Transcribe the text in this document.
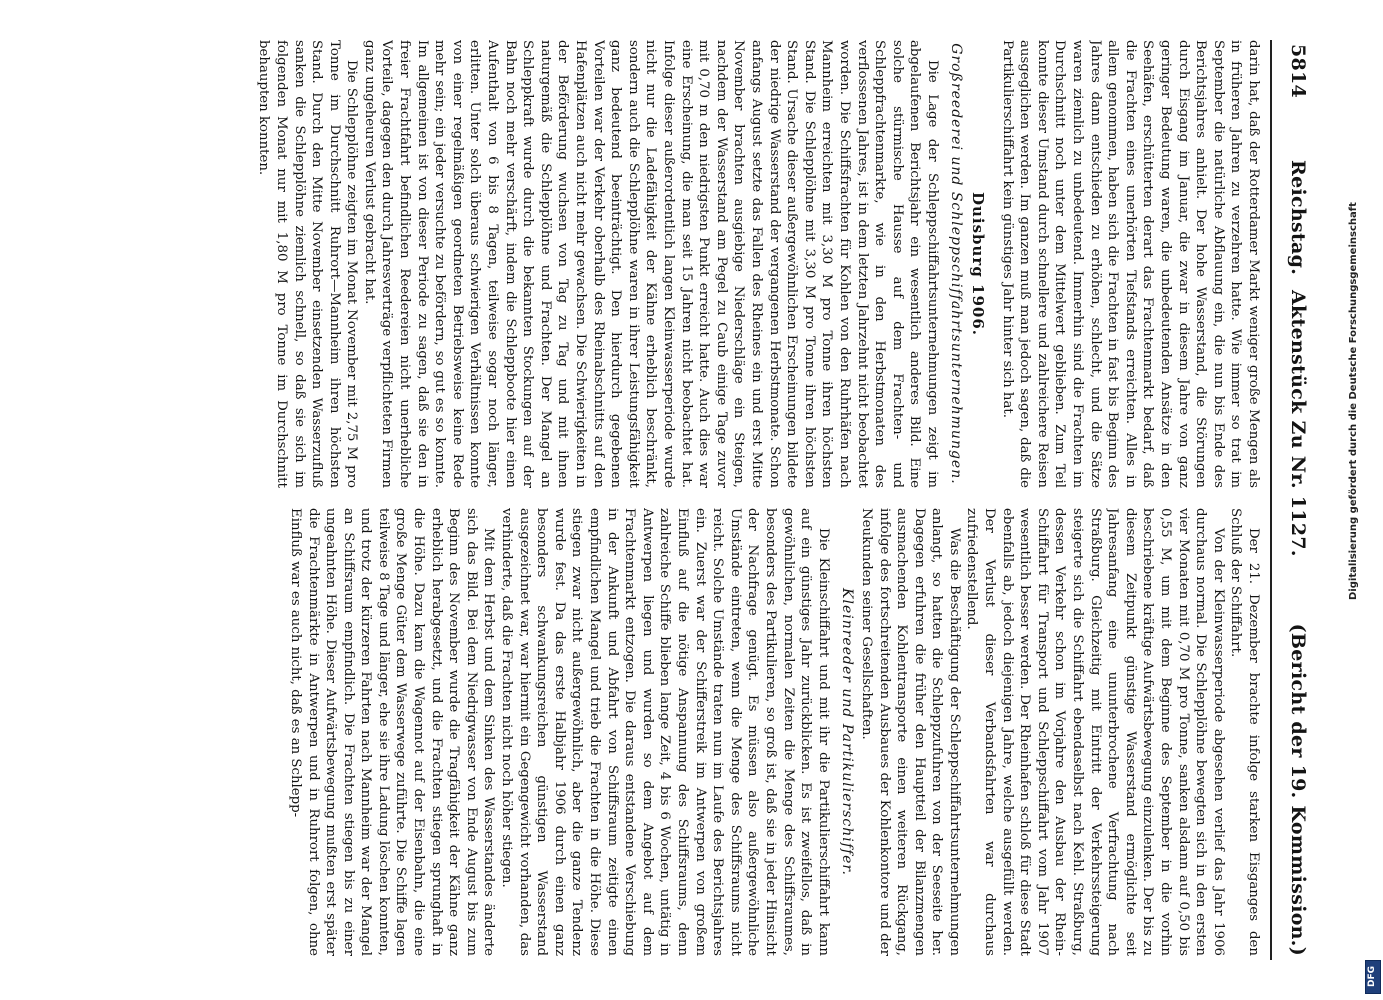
5814
Reichstag.
Aktenstück Zu Nr. 1127.
(Bericht der 19. Kommission.)

darin hat, daß der Rotterdamer Markt weniger große Mengen als in früheren Jahren zu verzehren hatte. Wie immer so trat im September die natürliche Abflauung ein, die nun bis Ende des Berichtsjahres anhielt. Der hohe Wasserstand, die Störungen durch Eisgang im Januar, die zwar in diesem Jahre von ganz geringer Bedeutung waren, die unbedeutenden Ansätze in den Seehäfen, erschütterten derart das Frachtenmarkt bedarf, daß die Frachten eines unerhörten Tiefstands erreichten. Alles in allem genommen, haben sich die Frachten in fast bis Beginn des Jahres dann entschieden zu erhöhen, schlecht, und die Sätze waren ziemlich zu unbedeutend. Immerhin sind die Frachten im Durchschnitt noch unter dem Mittelwert geblieben. Zum Teil konnte dieser Umstand durch schnellere und zahlreichere Reisen ausgeglichen werden. Im ganzen muß man jedoch sagen, daß die Partikulierschiffahrt kein günstiges Jahr hinter sich hat.

Duisburg 1906.
Großreederei und Schleppschiffahrtsunternehmungen.

Die Lage der Schleppschiffahrtsunternehmungen zeigt im abgelaufenen Berichtsjahr ein wesentlich anderes Bild. Eine solche stürmische Hausse auf dem Frachten- und Schleppfrachtenmarkte, wie in den Herbstmonaten des verflossenen Jahres, ist in dem letzten Jahrzehnt nicht beobachtet worden. Die Schiffsfrachten für Kohlen von den Ruhrhäfen nach Mannheim erreichten mit 3,30 M pro Tonne ihren höchsten Stand. Die Schlepplöhne mit 3,30 M pro Tonne ihren höchsten Stand. Ursache dieser außergewöhnlichen Erscheinungen bildete der niedrige Wasserstand der vergangenen Herbstmonate. Schon anfangs August setzte das Fallen des Rheines ein und erst Mitte November brachten ausgiebige Niederschläge ein Steigen, nachdem der Wasserstand am Pegel zu Caub einige Tage zuvor mit 0,70 m den niedrigsten Punkt erreicht hatte. Auch dies war eine Erscheinung, die man seit 15 Jahren nicht beobachtet hat. Infolge dieser außerordentlich langen Kleinwasserperiode wurde nicht nur die Ladefähigkeit der Kähne erheblich beschränkt, sondern auch die Schlepplöhne waren in ihrer Leistungsfähigkeit ganz bedeutend beeinträchtigt. Den hierdurch gegebenen Vorteilen war der Verkehr oberhalb des Rheinabschnitts auf den Hafenplätzen auch nicht mehr gewachsen. Die Schwierigkeiten in der Beförderung wuchsen von Tag zu Tag und mit ihnen naturgemäß die Schlepplöhne und Frachten. Der Mangel an Schleppkraft wurde durch die bekannten Stockungen auf der Bahn noch mehr verschärft, indem die Schleppboote hier einen Aufenthalt von 6 bis 8 Tagen, teilweise sogar noch länger, erlitten. Unter solch überaus schwierigen Verhältnissen konnte von einer regelmäßigen geordneten Betriebsweise keine Rede mehr sein; ein jeder versuchte zu befördern, so gut es so konnte. Im allgemeinen ist von dieser Periode zu sagen, daß sie den in freier Frachtfahrt befindlichen Reedereien nicht unerhebliche Vorteile, dagegen den durch Jahresverträge verpflichteten Firmen ganz ungeheuren Verlust gebracht hat.

Die Schlepplöhne zeigten im Monat November mit 2,75 M pro Tonne im Durchschnitt Ruhrort—Mannheim ihren höchsten Stand. Durch den Mitte November einsetzenden Wasserzufluß sanken die Schlepplöhne ziemlich schnell, so daß sie sich im folgenden Monat nur mit 1,80 M pro Tonne im Durchschnitt behaupten konnten.

Der 21. Dezember brachte infolge starken Eisganges den Schluß der Schiffahrt.

Von der Kleinwasserperiode abgesehen verlief das Jahr 1906 durchaus normal. Die Schlepplöhne bewegten sich in den ersten vier Monaten mit 0,70 M pro Tonne, sanken alsdann auf 0,50 bis 0,55 M, um mit dem Beginne des September in die vorhin beschriebene kräftige Aufwärtsbewegung einzulenken. Der bis zu diesem Zeitpunkt günstige Wasserstand ermöglichte seit Jahresanfang eine ununterbrochene Verfrachtung nach Straßburg. Gleichzeitig mit Eintritt der Verkehrssteigerung steigerte sich die Schiffahrt ebendaselbst nach Kehl. Straßburg, dessen Verkehr schon im Vorjahre den Ausbau der Rhein-Schiffahrt für Transport und Schleppschiffahrt vom Jahr 1907 wesentlich besser werden. Der Rheinhafen schloß für diese Stadt ebenfalls ab, jedoch diejenigen Jahre, welche ausgefüllt werden. Der Verlust dieser Verbandsfahrten war durchaus zufriedenstellend.

Was die Beschäftigung der Schleppschiffahrtsunternehmungen anlangt, so hatten die Schleppzufuhren von der Seeseite her. Dagegen erfuhren die früher den Hauptteil der Bilanzmengen ausmachenden Kohlentransporte einen weiteren Rückgang, infolge des fortschreitenden Ausbaues der Kohlenkontore und der Neukunden seiner Gesellschaften.

Kleinreeder und Partikulierschiffer.

Die Kleinschiffahrt und mit ihr die Partikulierschiffahrt kann auf ein günstiges Jahr zurückblicken. Es ist zweifellos, daß in gewöhnlichen, normalen Zeiten die Menge des Schiffsraumes, besonders des Partikulieren, so groß ist, daß sie in jeder Hinsicht der Nachfrage genügt. Es müssen also außergewöhnliche Umstände eintreten, wenn die Menge des Schiffsraums nicht reicht. Solche Umstände traten nun im Laufe des Berichtsjahres ein. Zuerst war der Schifferstreik im Antwerpen von großem Einfluß auf die nötige Anspannung des Schiffsraums, denn zahlreiche Schiffe blieben lange Zeit, 4 bis 6 Wochen, untätig in Antwerpen liegen und wurden so dem Angebot auf dem Frachtenmarkt entzogen. Die daraus entstandene Verschiebung in der Ankunft und Abfahrt von Schiffsraum zeitigte einen empfindlichen Mangel und trieb die Frachten in die Höhe. Diese stiegen zwar nicht außergewöhnlich, aber die ganze Tendenz wurde fest. Da das erste Halbjahr 1906 durch einen ganz besonders schwankungsreichen günstigen Wasserstand ausgezeichnet war, war hiermit ein Gegengewicht vorhanden, das verhinderte, daß die Frachten nicht noch höher stiegen.

Mit dem Herbst und dem Sinken des Wasserstandes änderte sich das Bild. Bei dem Niedrigwasser von Ende August bis zum Beginn des November wurde die Tragfähigkeit der Kähne ganz erheblich herabgesetzt, und die Frachten stiegen sprunghaft in die Höhe. Dazu kam die Wagennot auf der Eisenbahn, die eine große Menge Güter dem Wasserwege zuführte. Die Schiffe lagen teilweise 8 Tage und länger, ehe sie ihre Ladung löschen konnten, und trotz der kürzeren Fahrten nach Mannheim war der Mangel an Schiffsraum empfindlich. Die Frachten stiegen bis zu einer ungeahnten Höhe. Dieser Aufwärtsbewegung mußten erst später die Frachtenmärkte in Antwerpen und in Ruhrort folgen, ohne Einfluß war es auch nicht, daß es an Schlepp-

Digitalisierung gefördert durch die Deutsche Forschungsgemeinschaft
DFG
